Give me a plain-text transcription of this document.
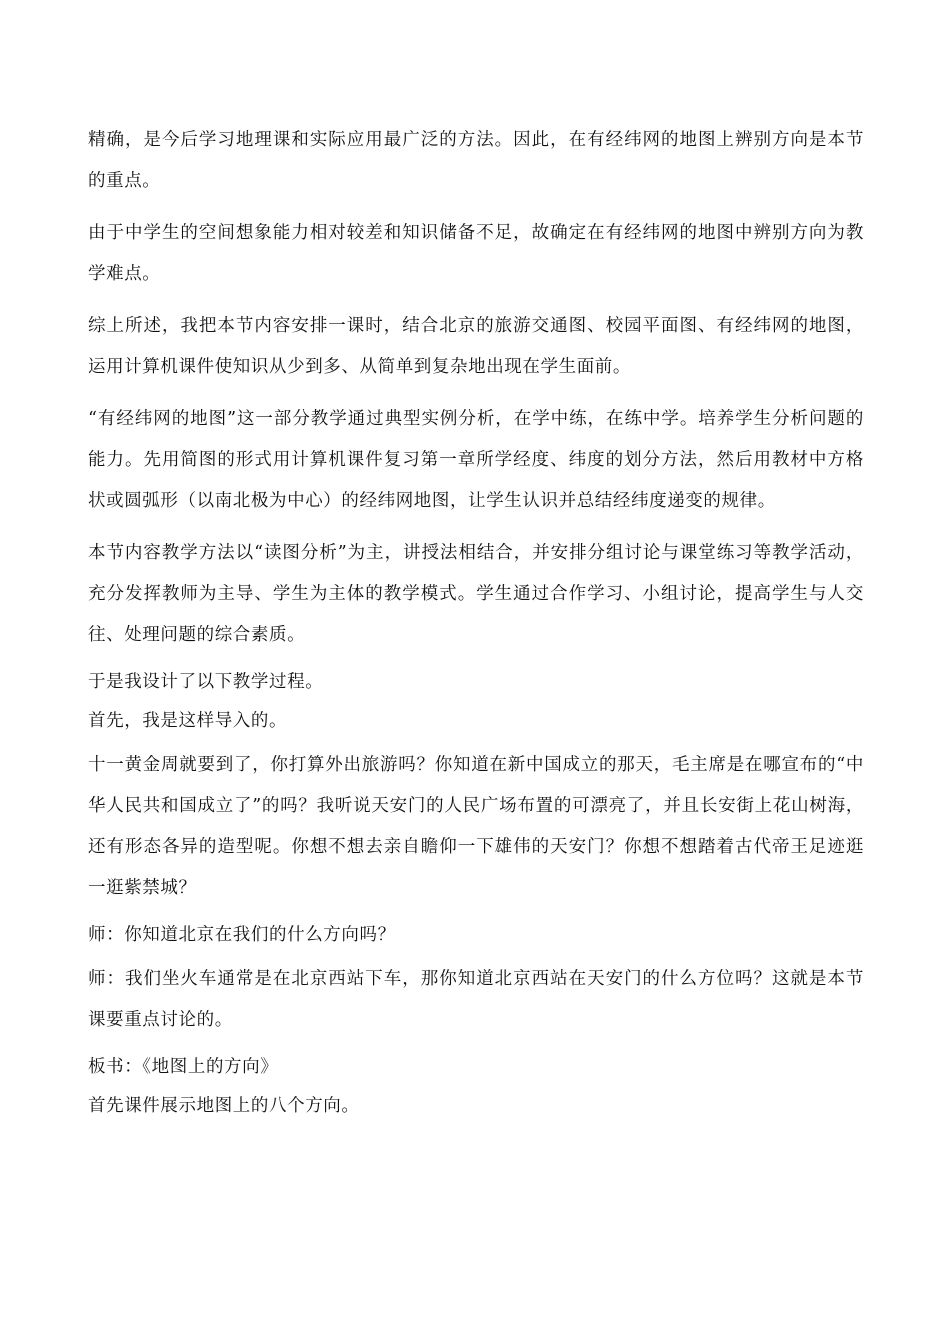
精确，是今后学习地理课和实际应用最广泛的方法。因此，在有经纬网的地图上辨别方向是本节的重点。

由于中学生的空间想象能力相对较差和知识储备不足，故确定在有经纬网的地图中辨别方向为教学难点。

综上所述，我把本节内容安排一课时，结合北京的旅游交通图、校园平面图、有经纬网的地图，运用计算机课件使知识从少到多、从简单到复杂地出现在学生面前。

“有经纬网的地图”这一部分教学通过典型实例分析，在学中练，在练中学。培养学生分析问题的能力。先用简图的形式用计算机课件复习第一章所学经度、纬度的划分方法，然后用教材中方格状或圆弧形（以南北极为中心）的经纬网地图，让学生认识并总结经纬度递变的规律。

本节内容教学方法以“读图分析”为主，讲授法相结合，并安排分组讨论与课堂练习等教学活动，充分发挥教师为主导、学生为主体的教学模式。学生通过合作学习、小组讨论，提高学生与人交往、处理问题的综合素质。

于是我设计了以下教学过程。

首先，我是这样导入的。

十一黄金周就要到了，你打算外出旅游吗？你知道在新中国成立的那天，毛主席是在哪宣布的“中华人民共和国成立了”的吗？我听说天安门的人民广场布置的可漂亮了，并且长安街上花山树海，还有形态各异的造型呢。你想不想去亲自瞻仰一下雄伟的天安门？你想不想踏着古代帝王足迹逛一逛紫禁城？

师：你知道北京在我们的什么方向吗？

师：我们坐火车通常是在北京西站下车，那你知道北京西站在天安门的什么方位吗？这就是本节课要重点讨论的。

板书：《地图上的方向》

首先课件展示地图上的八个方向。
